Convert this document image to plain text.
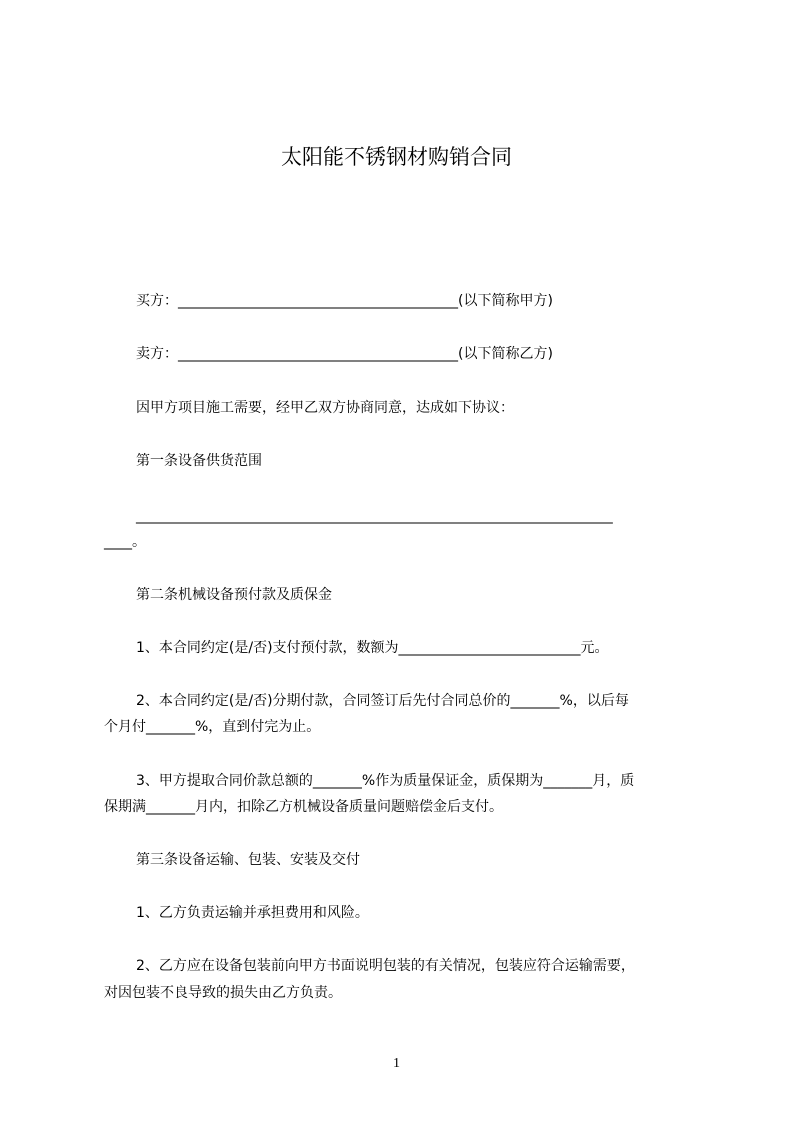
太阳能不锈钢材购销合同
买方：________________________________________(以下简称甲方)
卖方：________________________________________(以下简称乙方)
因甲方项目施工需要，经甲乙双方协商同意，达成如下协议：
第一条设备供货范围
__________________________________________________________________________________
____。
第二条机械设备预付款及质保金
1、本合同约定(是/否)支付预付款，数额为__________________________元。
2、本合同约定(是/否)分期付款，合同签订后先付合同总价的_______%，以后每
个月付_______%，直到付完为止。
3、甲方提取合同价款总额的_______%作为质量保证金，质保期为_______月，质
保期满_______月内，扣除乙方机械设备质量问题赔偿金后支付。
第三条设备运输、包装、安装及交付
1、乙方负责运输并承担费用和风险。
2、乙方应在设备包装前向甲方书面说明包装的有关情况，包装应符合运输需要，
对因包装不良导致的损失由乙方负责。
1
